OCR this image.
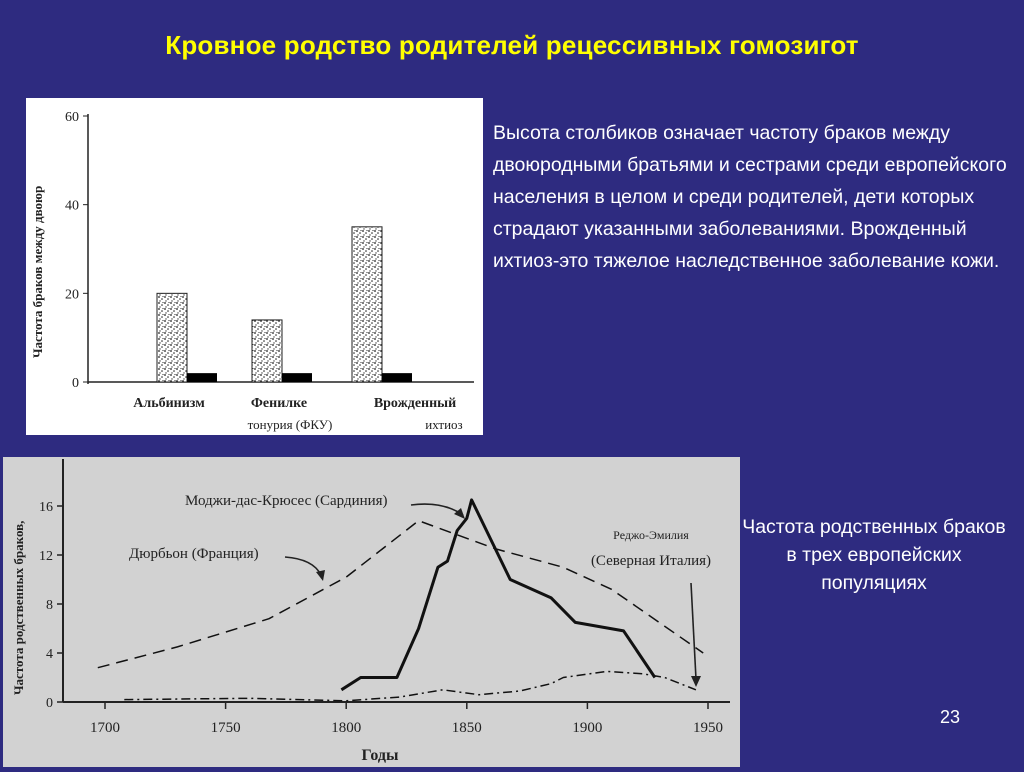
Кровное родство родителей рецессивных гомозигот
Частота браков между двоюр
0
20
40
60
Альбинизм	Фенилке
тонурия (ФКУ)
Врожденный
ихтиоз
Высота столбиков означает частоту браков между двоюродными братьями и сестрами среди европейского населения в целом и среди родителей, дети которых страдают указанными заболеваниями. Врожденный ихтиоз-это тяжелое наследственное заболевание кожи.
1700	1750	1800	1850	1900	1950
0
4
8
12
16
Годы
Частота родственных браков,
Моджи-дас-Крюсес (Сардиния)
Дюрбьон (Франция)
Реджо-Эмилия
(Северная Италия)
Частота родственных браков в трех европейских популяциях
23
